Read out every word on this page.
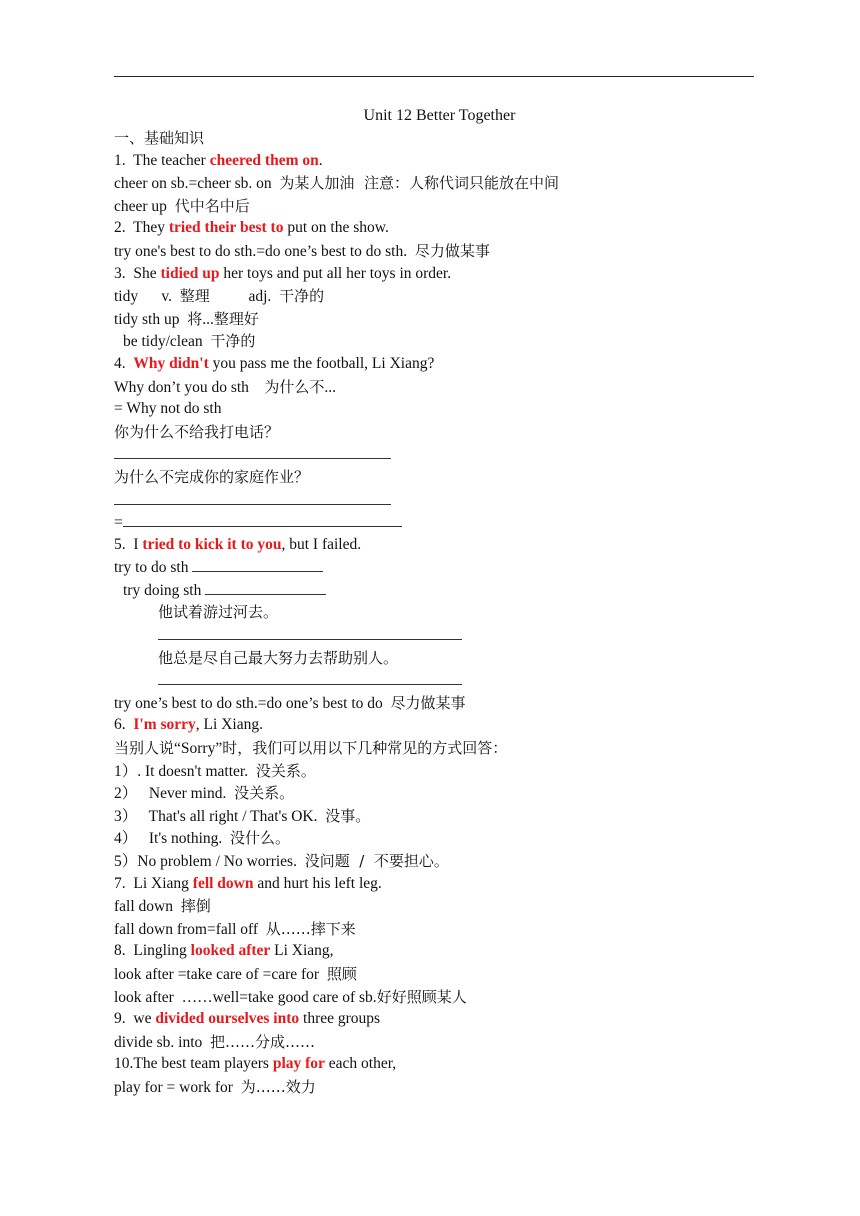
Unit 12 Better Together
一、基础知识
1.  The teacher cheered them on.
cheer on sb.=cheer sb. on  为某人加油  注意：人称代词只能放在中间
cheer up  代中名中后
2.  They tried their best to put on the show.
try one's best to do sth.=do one’s best to do sth.  尽力做某事
3.  She tidied up her toys and put all her toys in order.
tidy      v.  整理          adj.  干净的
tidy sth up  将...整理好
be tidy/clean  干净的
4.  Why didn't you pass me the football, Li Xiang?
Why don’t you do sth    为什么不...
= Why not do sth
你为什么不给我打电话？
为什么不完成你的家庭作业？
=
5.  I tried to kick it to you, but I failed.
try to do sth
try doing sth
他试着游过河去。
他总是尽自己最大努力去帮助别人。
try one’s best to do sth.=do one’s best to do  尽力做某事
6.  I'm sorry, Li Xiang.
当别人说“Sorry”时，我们可以用以下几种常见的方式回答：
1）. It doesn't matter.  没关系。
2）   Never mind.  没关系。
3）   That's all right / That's OK.  没事。
4）   It's nothing.  没什么。
5）No problem / No worries.  没问题  /  不要担心。
7.  Li Xiang fell down and hurt his left leg.
fall down  摔倒
fall down from=fall off  从……摔下来
8.  Lingling looked after Li Xiang,
look after =take care of =care for  照顾
look after  ……well=take good care of sb.好好照顾某人
9.  we divided ourselves into three groups
divide sb. into  把……分成……
10.The best team players play for each other,
play for = work for  为……效力
